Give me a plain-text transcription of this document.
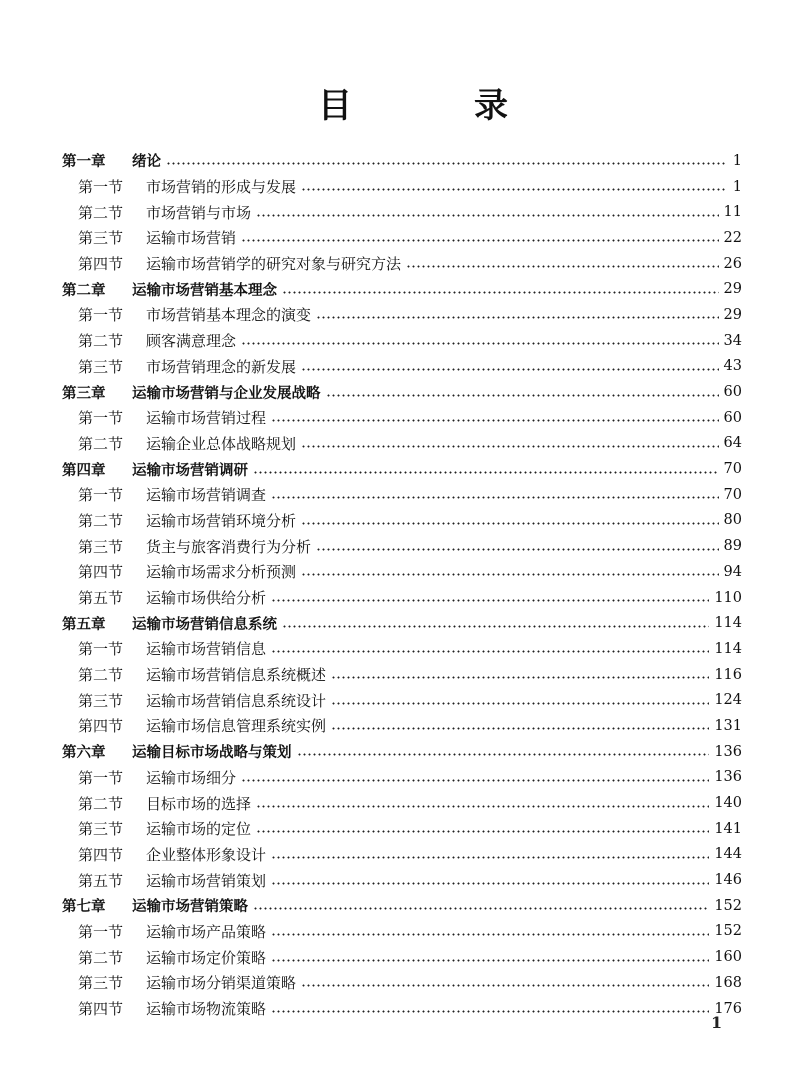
目	录
第一章	绪论	1
第一节	市场营销的形成与发展	1
第二节	市场营销与市场	11
第三节	运输市场营销	22
第四节	运输市场营销学的研究对象与研究方法	26
第二章	运输市场营销基本理念	29
第一节	市场营销基本理念的演变	29
第二节	顾客满意理念	34
第三节	市场营销理念的新发展	43
第三章	运输市场营销与企业发展战略	60
第一节	运输市场营销过程	60
第二节	运输企业总体战略规划	64
第四章	运输市场营销调研	70
第一节	运输市场营销调查	70
第二节	运输市场营销环境分析	80
第三节	货主与旅客消费行为分析	89
第四节	运输市场需求分析预测	94
第五节	运输市场供给分析	110
第五章	运输市场营销信息系统	114
第一节	运输市场营销信息	114
第二节	运输市场营销信息系统概述	116
第三节	运输市场营销信息系统设计	124
第四节	运输市场信息管理系统实例	131
第六章	运输目标市场战略与策划	136
第一节	运输市场细分	136
第二节	目标市场的选择	140
第三节	运输市场的定位	141
第四节	企业整体形象设计	144
第五节	运输市场营销策划	146
第七章	运输市场营销策略	152
第一节	运输市场产品策略	152
第二节	运输市场定价策略	160
第三节	运输市场分销渠道策略	168
第四节	运输市场物流策略	176
1
